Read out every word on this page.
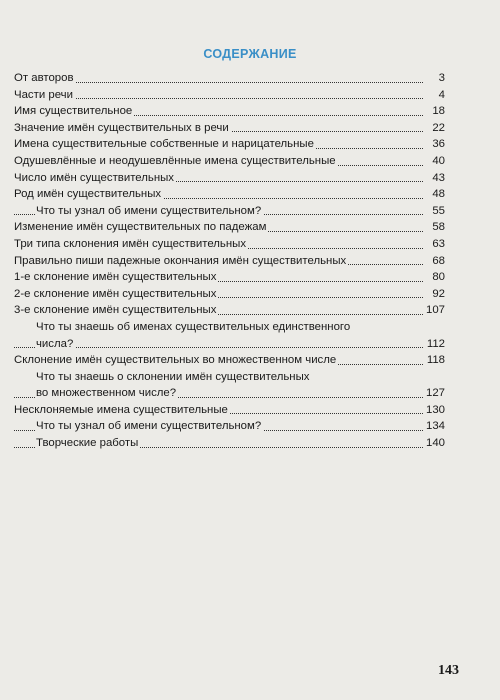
СОДЕРЖАНИЕ
От авторов	3
Части речи	4
Имя существительное	18
Значение имён существительных в речи	22
Имена существительные собственные и нарицательные	36
Одушевлённые и неодушевлённые имена существительные	40
Число имён существительных	43
Род имён существительных	48
Что ты узнал об имени существительном?	55
Изменение имён существительных по падежам	58
Три типа склонения имён существительных	63
Правильно пиши падежные окончания имён существительных	68
1-е склонение имён существительных	80
2-е склонение имён существительных	92
3-е склонение имён существительных	107
Что ты знаешь об именах существительных единственного
числа?	112
Склонение имён существительных во множественном числе	118
Что ты знаешь о склонении имён существительных
во множественном числе?	127
Несклоняемые имена существительные	130
Что ты узнал об имени существительном?	134
Творческие работы	140
143
